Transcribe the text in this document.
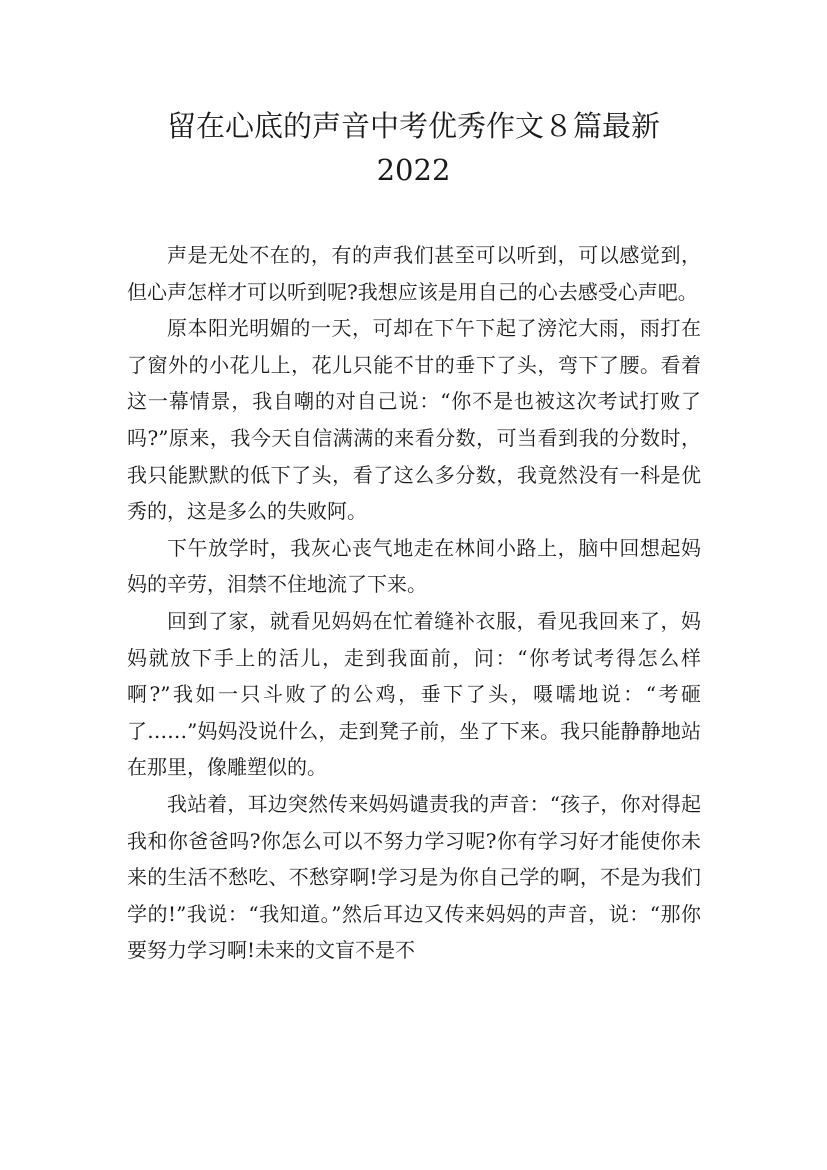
留在心底的声音中考优秀作文８篇最新
2022

声是无处不在的，有的声我们甚至可以听到，可以感觉到，但心声怎样才可以听到呢?我想应该是用自己的心去感受心声吧。

原本阳光明媚的一天，可却在下午下起了滂沱大雨，雨打在了窗外的小花儿上，花儿只能不甘的垂下了头，弯下了腰。看着这一幕情景，我自嘲的对自己说：“你不是也被这次考试打败了吗?”原来，我今天自信满满的来看分数，可当看到我的分数时，我只能默默的低下了头，看了这么多分数，我竟然没有一科是优秀的，这是多么的失败阿。

下午放学时，我灰心丧气地走在林间小路上，脑中回想起妈妈的辛劳，泪禁不住地流了下来。

回到了家，就看见妈妈在忙着缝补衣服，看见我回来了，妈妈就放下手上的活儿，走到我面前，问：“你考试考得怎么样啊?”我如一只斗败了的公鸡，垂下了头，嗫嚅地说：“考砸了……”妈妈没说什么，走到凳子前，坐了下来。我只能静静地站在那里，像雕塑似的。

我站着，耳边突然传来妈妈谴责我的声音：“孩子，你对得起我和你爸爸吗?你怎么可以不努力学习呢?你有学习好才能使你未来的生活不愁吃、不愁穿啊!学习是为你自己学的啊，不是为我们学的!”我说：“我知道。”然后耳边又传来妈妈的声音，说：“那你要努力学习啊!未来的文盲不是不
